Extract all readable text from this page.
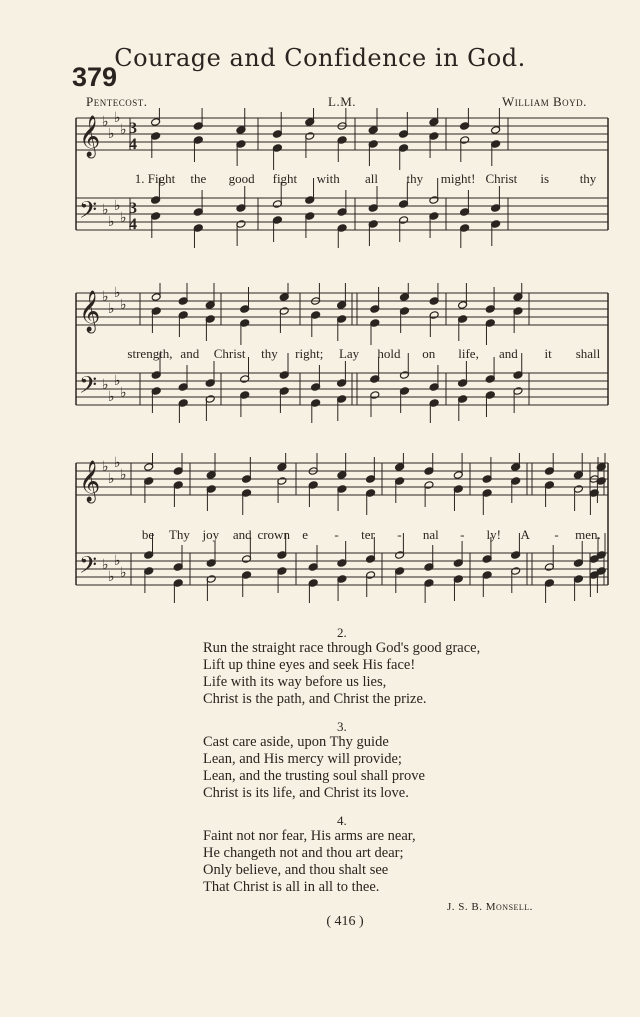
Courage and Confidence in God.
379
Pentecost.	L.M.	William Boyd.
𝄞
𝄢
♭
♭
♭
♭
♭
♭
♭
♭
3
4
3
4
𝄞
𝄢
♭
♭
♭
♭
♭
♭
♭
♭
𝄞
𝄢
♭
♭
♭
♭
♭
♭
♭
♭
1. Fight the good fight with all thy might! Christ is thy
strength, and Christ thy right; Lay hold on life, and it shall
be Thy joy and crown e - ter - nal - ly! A - men.
2.
Run the straight race through God's good grace,
Lift up thine eyes and seek His face!
Life with its way before us lies,
Christ is the path, and Christ the prize.
3.
Cast care aside, upon Thy guide
Lean, and His mercy will provide;
Lean, and the trusting soul shall prove
Christ is its life, and Christ its love.
4.
Faint not nor fear, His arms are near,
He changeth not and thou art dear;
Only believe, and thou shalt see
That Christ is all in all to thee.
J. S. B. Monsell.
( 416 )
